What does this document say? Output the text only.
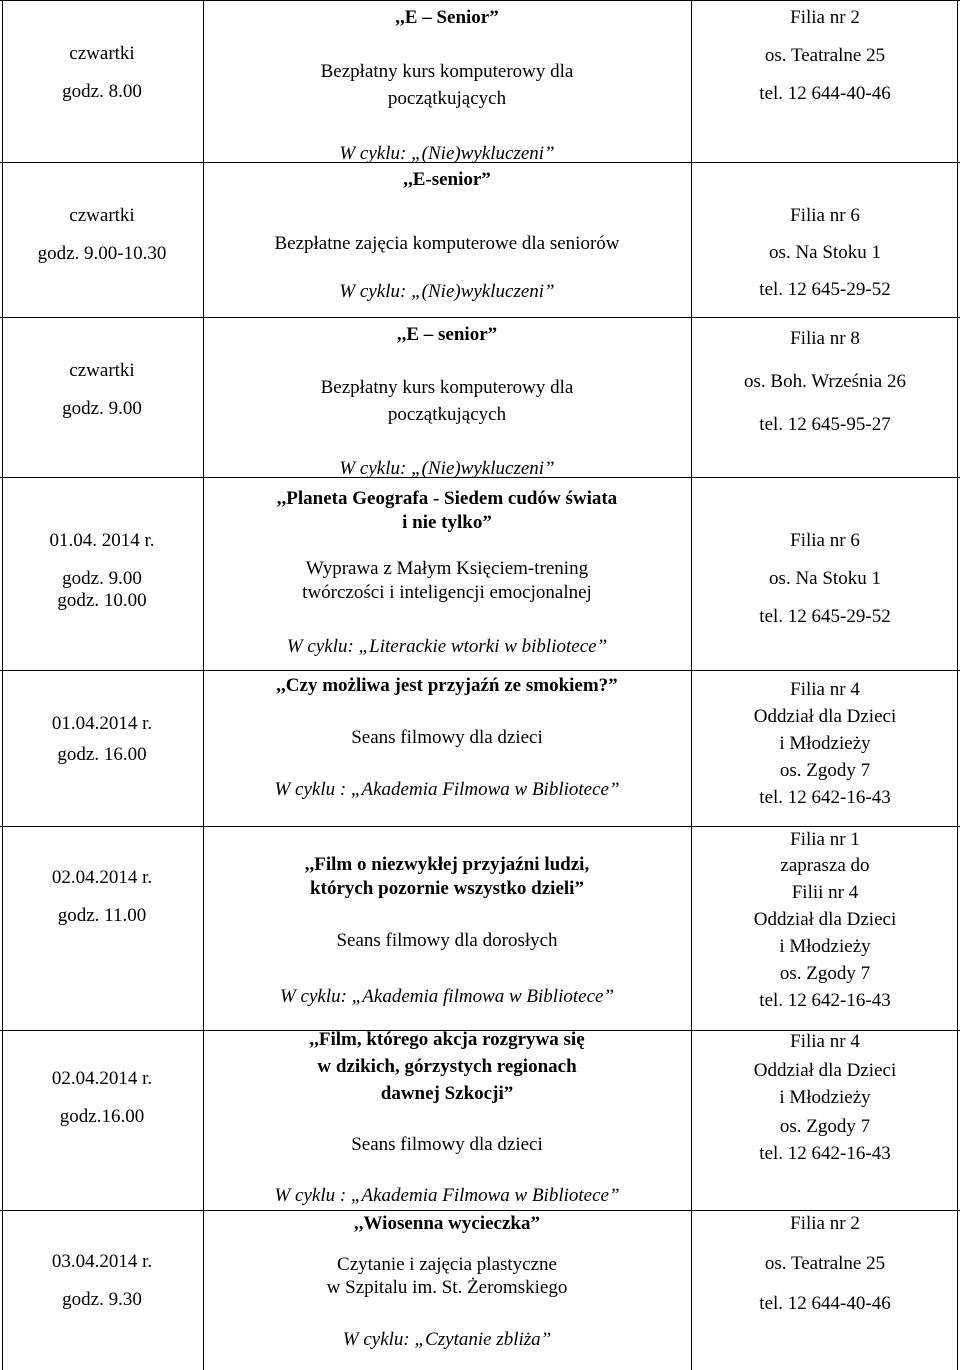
czwartki
godz. 8.00
,,E – Senior”
Bezpłatny kurs komputerowy dla
początkujących
W cyklu: „(Nie)wykluczeni”
Filia nr 2
os. Teatralne 25
tel. 12 644-40-46
czwartki
godz. 9.00-10.30
,,E-senior”
Bezpłatne zajęcia komputerowe dla seniorów
W cyklu: „(Nie)wykluczeni”
Filia nr 6
os. Na Stoku 1
tel. 12 645-29-52
czwartki
godz. 9.00
,,E – senior”
Bezpłatny kurs komputerowy dla
początkujących
W cyklu: „(Nie)wykluczeni”
Filia nr 8
os. Boh. Września 26
tel. 12 645-95-27
01.04. 2014 r.
godz. 9.00
godz. 10.00
,,Planeta Geografa - Siedem cudów świata
i nie tylko”
Wyprawa z Małym Księciem-trening
twórczości i inteligencji emocjonalnej
W cyklu: „Literackie wtorki w bibliotece”
Filia nr 6
os. Na Stoku 1
tel. 12 645-29-52
01.04.2014 r.
godz. 16.00
,,Czy możliwa jest przyjaźń ze smokiem?”
Seans filmowy dla dzieci
W cyklu : „Akademia Filmowa w Bibliotece”
Filia nr 4
Oddział dla Dzieci
i Młodzieży
os. Zgody 7
tel. 12 642-16-43
02.04.2014 r.
godz. 11.00
,,Film o niezwykłej przyjaźni ludzi,
których pozornie wszystko dzieli”
Seans filmowy dla dorosłych
W cyklu: „Akademia filmowa w Bibliotece”
Filia nr 1
zaprasza do
Filii nr 4
Oddział dla Dzieci
i Młodzieży
os. Zgody 7
tel. 12 642-16-43
02.04.2014 r.
godz.16.00
,,Film, którego akcja rozgrywa się
w dzikich, górzystych regionach
dawnej Szkocji”
Seans filmowy dla dzieci
W cyklu : „Akademia Filmowa w Bibliotece”
Filia nr 4
Oddział dla Dzieci
i Młodzieży
os. Zgody 7
tel. 12 642-16-43
03.04.2014 r.
godz. 9.30
,,Wiosenna wycieczka”
Czytanie i zajęcia plastyczne
w Szpitalu im. St. Żeromskiego
W cyklu: „Czytanie zbliża”
Filia nr 2
os. Teatralne 25
tel. 12 644-40-46
